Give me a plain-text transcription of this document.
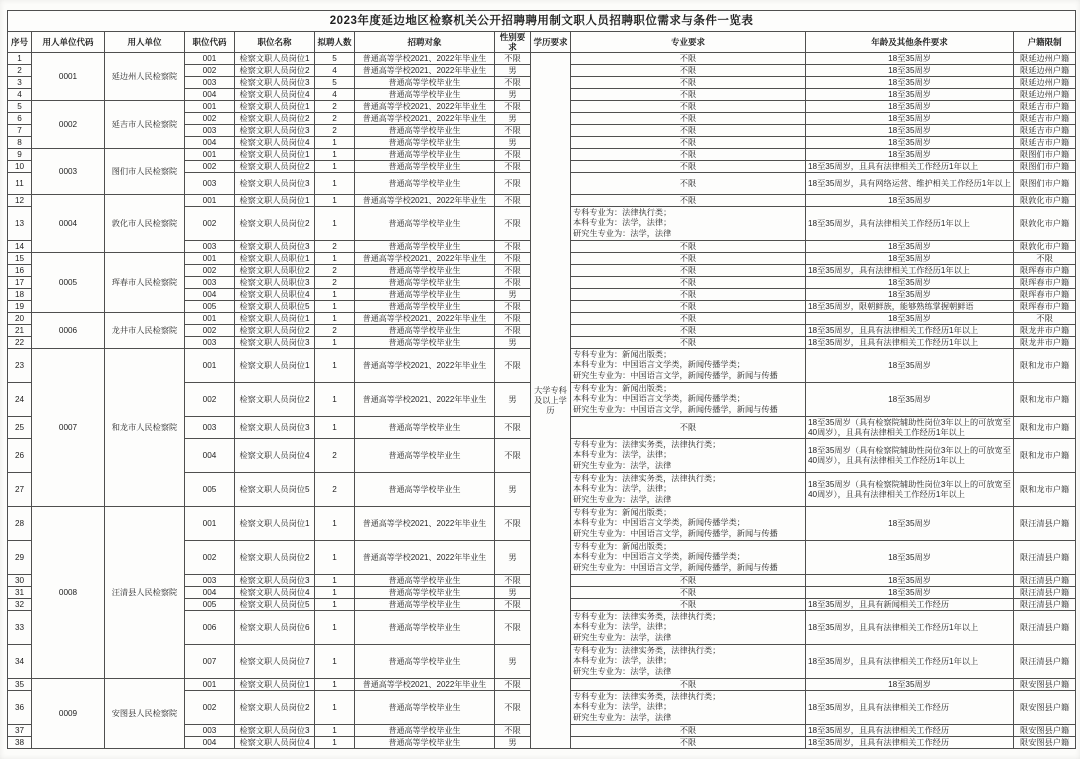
2023年度延边地区检察机关公开招聘聘用制文职人员招聘职位需求与条件一览表											
序号	用人单位代码	用人单位	职位代码	职位名称	拟聘人数	招聘对象	性别要求	学历要求	专业要求	年龄及其他条件要求	户籍限制
1	0001	延边州人民检察院	001	检察文职人员岗位1	5	普通高等学校2021、2022年毕业生	不限	大学专科及以上学历	不限	18至35周岁	限延边州户籍
2			002	检察文职人员岗位2	4	普通高等学校2021、2022年毕业生	男		不限	18至35周岁	限延边州户籍
3			003	检察文职人员岗位3	5	普通高等学校毕业生	不限		不限	18至35周岁	限延边州户籍
4			004	检察文职人员岗位4	4	普通高等学校毕业生	男		不限	18至35周岁	限延边州户籍
5	0002	延吉市人民检察院	001	检察文职人员岗位1	2	普通高等学校2021、2022年毕业生	不限		不限	18至35周岁	限延吉市户籍
6			002	检察文职人员岗位2	2	普通高等学校2021、2022年毕业生	男		不限	18至35周岁	限延吉市户籍
7			003	检察文职人员岗位3	2	普通高等学校毕业生	不限		不限	18至35周岁	限延吉市户籍
8			004	检察文职人员岗位4	1	普通高等学校毕业生	男		不限	18至35周岁	限延吉市户籍
9	0003	图们市人民检察院	001	检察文职人员岗位1	1	普通高等学校毕业生	不限		不限	18至35周岁	限图们市户籍
10			002	检察文职人员岗位2	1	普通高等学校毕业生	不限		不限	18至35周岁，且具有法律相关工作经历1年以上	限图们市户籍
11			003	检察文职人员岗位3	1	普通高等学校毕业生	不限		不限	18至35周岁，具有网络运营、维护相关工作经历1年以上	限图们市户籍
12	0004	敦化市人民检察院	001	检察文职人员岗位1	1	普通高等学校2021、2022年毕业生	不限		不限	18至35周岁	限敦化市户籍
13			002	检察文职人员岗位2	1	普通高等学校毕业生	不限		专科专业为：法律执行类；
本科专业为：法学，法律；
研究生专业为：法学，法律	18至35周岁，具有法律相关工作经历1年以上	限敦化市户籍
14			003	检察文职人员岗位3	2	普通高等学校毕业生	不限		不限	18至35周岁	限敦化市户籍
15	0005	珲春市人民检察院	001	检察文职人员职位1	1	普通高等学校2021、2022年毕业生	不限		不限	18至35周岁	不限
16			002	检察文职人员职位2	2	普通高等学校毕业生	不限		不限	18至35周岁，具有法律相关工作经历1年以上	限珲春市户籍
17			003	检察文职人员职位3	2	普通高等学校毕业生	不限		不限	18至35周岁	限珲春市户籍
18			004	检察文职人员职位4	1	普通高等学校毕业生	男		不限	18至35周岁	限珲春市户籍
19			005	检察文职人员职位5	1	普通高等学校毕业生	不限		不限	18至35周岁，限朝鲜族，能够熟练掌握朝鲜语	限珲春市户籍
20	0006	龙井市人民检察院	001	检察文职人员岗位1	1	普通高等学校2021、2022年毕业生	不限		不限	18至35周岁	不限
21			002	检察文职人员岗位2	2	普通高等学校毕业生	不限		不限	18至35周岁，且具有法律相关工作经历1年以上	限龙井市户籍
22			003	检察文职人员岗位3	1	普通高等学校毕业生	男		不限	18至35周岁，且具有法律相关工作经历1年以上	限龙井市户籍
23	0007	和龙市人民检察院	001	检察文职人员岗位1	1	普通高等学校2021、2022年毕业生	不限		专科专业为：新闻出版类；
本科专业为：中国语言文学类，新闻传播学类；
研究生专业为：中国语言文学，新闻传播学，新闻与传播	18至35周岁	限和龙市户籍
24			002	检察文职人员岗位2	1	普通高等学校2021、2022年毕业生	男		专科专业为：新闻出版类；
本科专业为：中国语言文学类，新闻传播学类；
研究生专业为：中国语言文学，新闻传播学，新闻与传播	18至35周岁	限和龙市户籍
25			003	检察文职人员岗位3	1	普通高等学校毕业生	不限		不限	18至35周岁（具有检察院辅助性岗位3年以上的可放宽至40周岁），且具有法律相关工作经历1年以上	限和龙市户籍
26			004	检察文职人员岗位4	2	普通高等学校毕业生	不限		专科专业为：法律实务类，法律执行类；
本科专业为：法学，法律；
研究生专业为：法学，法律	18至35周岁（具有检察院辅助性岗位3年以上的可放宽至40周岁），且具有法律相关工作经历1年以上	限和龙市户籍
27			005	检察文职人员岗位5	2	普通高等学校毕业生	男		专科专业为：法律实务类，法律执行类；
本科专业为：法学，法律；
研究生专业为：法学，法律	18至35周岁（具有检察院辅助性岗位3年以上的可放宽至40周岁），且具有法律相关工作经历1年以上	限和龙市户籍
28	0008	汪清县人民检察院	001	检察文职人员岗位1	1	普通高等学校2021、2022年毕业生	不限		专科专业为：新闻出版类；
本科专业为：中国语言文学类，新闻传播学类；
研究生专业为：中国语言文学，新闻传播学，新闻与传播	18至35周岁	限汪清县户籍
29			002	检察文职人员岗位2	1	普通高等学校2021、2022年毕业生	男		专科专业为：新闻出版类；
本科专业为：中国语言文学类，新闻传播学类；
研究生专业为：中国语言文学，新闻传播学，新闻与传播	18至35周岁	限汪清县户籍
30			003	检察文职人员岗位3	1	普通高等学校毕业生	不限		不限	18至35周岁	限汪清县户籍
31			004	检察文职人员岗位4	1	普通高等学校毕业生	男		不限	18至35周岁	限汪清县户籍
32			005	检察文职人员岗位5	1	普通高等学校毕业生	不限		不限	18至35周岁，且具有新闻相关工作经历	限汪清县户籍
33			006	检察文职人员岗位6	1	普通高等学校毕业生	不限		专科专业为：法律实务类，法律执行类；
本科专业为：法学，法律；
研究生专业为：法学，法律	18至35周岁，且具有法律相关工作经历1年以上	限汪清县户籍
34			007	检察文职人员岗位7	1	普通高等学校毕业生	男		专科专业为：法律实务类，法律执行类；
本科专业为：法学，法律；
研究生专业为：法学，法律	18至35周岁，且具有法律相关工作经历1年以上	限汪清县户籍
35	0009	安图县人民检察院	001	检察文职人员岗位1	1	普通高等学校2021、2022年毕业生	不限		不限	18至35周岁	限安图县户籍
36			002	检察文职人员岗位2	1	普通高等学校毕业生	不限		专科专业为：法律实务类，法律执行类；
本科专业为：法学，法律；
研究生专业为：法学，法律	18至35周岁，且具有法律相关工作经历	限安图县户籍
37			003	检察文职人员岗位3	1	普通高等学校毕业生	不限		不限	18至35周岁，且具有法律相关工作经历	限安图县户籍
38			004	检察文职人员岗位4	1	普通高等学校毕业生	男		不限	18至35周岁，且具有法律相关工作经历	限安图县户籍
